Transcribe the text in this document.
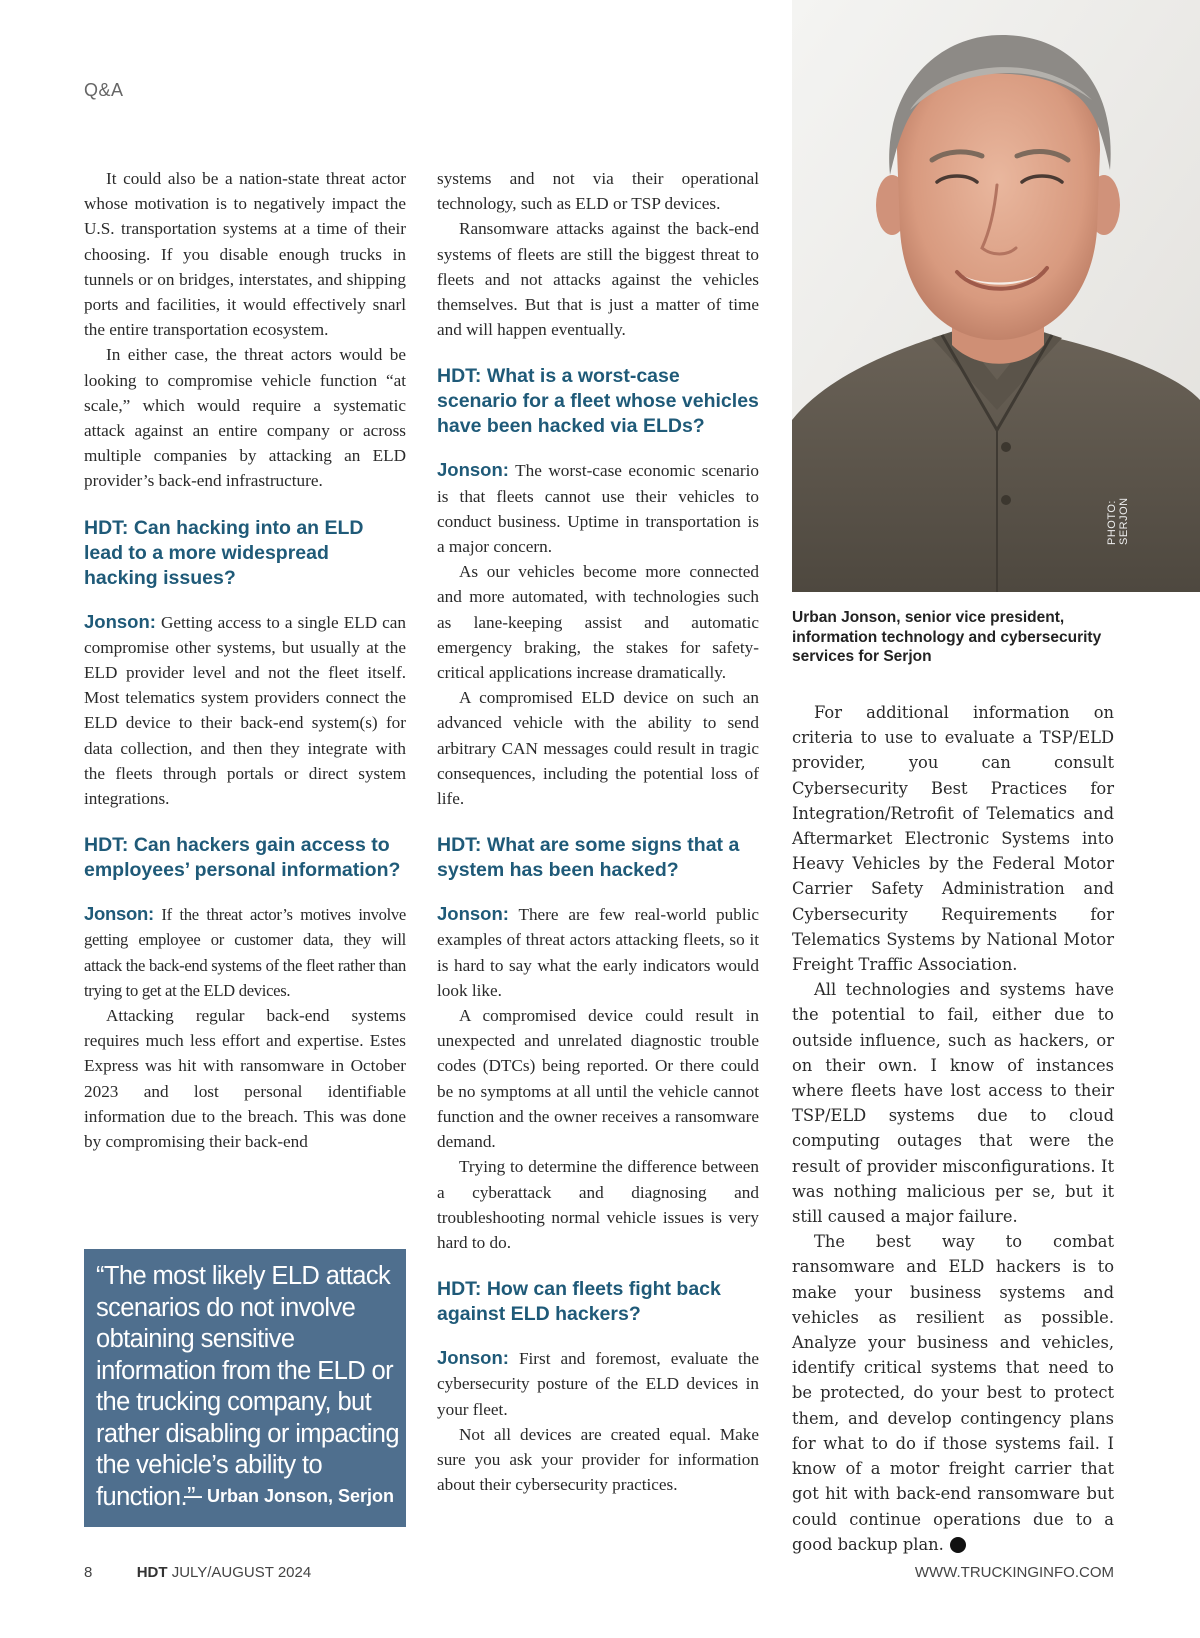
Q&A

It could also be a nation-state threat actor whose motivation is to negatively impact the U.S. transportation systems at a time of their choosing. If you disable enough trucks in tunnels or on bridges, interstates, and shipping ports and facilities, it would effectively snarl the entire transportation ecosystem.

In either case, the threat actors would be looking to compromise vehicle function “at scale,” which would require a systematic attack against an entire company or across multiple companies by attacking an ELD provider’s back-end infrastructure.

HDT: Can hacking into an ELD lead to a more widespread hacking issues?

Jonson: Getting access to a single ELD can compromise other systems, but usually at the ELD provider level and not the fleet itself. Most telematics system providers connect the ELD device to their back-end system(s) for data collection, and then they integrate with the fleets through portals or direct system integrations.

HDT: Can hackers gain access to employees’ personal information?

Jonson: If the threat actor’s motives involve getting employee or customer data, they will attack the back-end systems of the fleet rather than trying to get at the ELD devices.

Attacking regular back-end systems requires much less effort and expertise. Estes Express was hit with ransomware in October 2023 and lost personal identifiable information due to the breach. This was done by compromising their back-end

“The most likely ELD attack scenarios do not involve obtaining sensitive information from the ELD or the trucking company, but rather disabling or impacting the vehicle’s ability to function.”
— Urban Jonson, Serjon

systems and not via their operational technology, such as ELD or TSP devices.

Ransomware attacks against the back-end systems of fleets are still the biggest threat to fleets and not attacks against the vehicles themselves. But that is just a matter of time and will happen eventually.

HDT: What is a worst-case scenario for a fleet whose vehicles have been hacked via ELDs?

Jonson: The worst-case economic scenario is that fleets cannot use their vehicles to conduct business. Uptime in transportation is a major concern.

As our vehicles become more connected and more automated, with technologies such as lane-keeping assist and automatic emergency braking, the stakes for safety-critical applications increase dramatically.

A compromised ELD device on such an advanced vehicle with the ability to send arbitrary CAN messages could result in tragic consequences, including the potential loss of life.

HDT: What are some signs that a system has been hacked?

Jonson: There are few real-world public examples of threat actors attacking fleets, so it is hard to say what the early indicators would look like.

A compromised device could result in unexpected and unrelated diagnostic trouble codes (DTCs) being reported. Or there could be no symptoms at all until the vehicle cannot function and the owner receives a ransomware demand.

Trying to determine the difference between a cyberattack and diagnosing and troubleshooting normal vehicle issues is very hard to do.

HDT: How can fleets fight back against ELD hackers?

Jonson: First and foremost, evaluate the cybersecurity posture of the ELD devices in your fleet.

Not all devices are created equal. Make sure you ask your provider for information about their cybersecurity practices.

PHOTO: SERJON
Urban Jonson, senior vice president, information technology and cybersecurity services for Serjon

For additional information on criteria to use to evaluate a TSP/ELD provider, you can consult Cybersecurity Best Practices for Integration/Retrofit of Telematics and Aftermarket Electronic Systems into Heavy Vehicles by the Federal Motor Carrier Safety Administration and Cybersecurity Requirements for Telematics Systems by National Motor Freight Traffic Association.

All technologies and systems have the potential to fail, either due to outside influence, such as hackers, or on their own. I know of instances where fleets have lost access to their TSP/ELD systems due to cloud computing outages that were the result of provider misconfigurations. It was nothing malicious per se, but it still caused a major failure.

The best way to combat ransomware and ELD hackers is to make your business systems and vehicles as resilient as possible. Analyze your business and vehicles, identify critical systems that need to be protected, do your best to protect them, and develop contingency plans for what to do if those systems fail. I know of a motor freight carrier that got hit with back-end ransomware but could continue operations due to a good backup plan.	HDT

8	HDT JULY/AUGUST 2024	WWW.TRUCKINGINFO.COM
